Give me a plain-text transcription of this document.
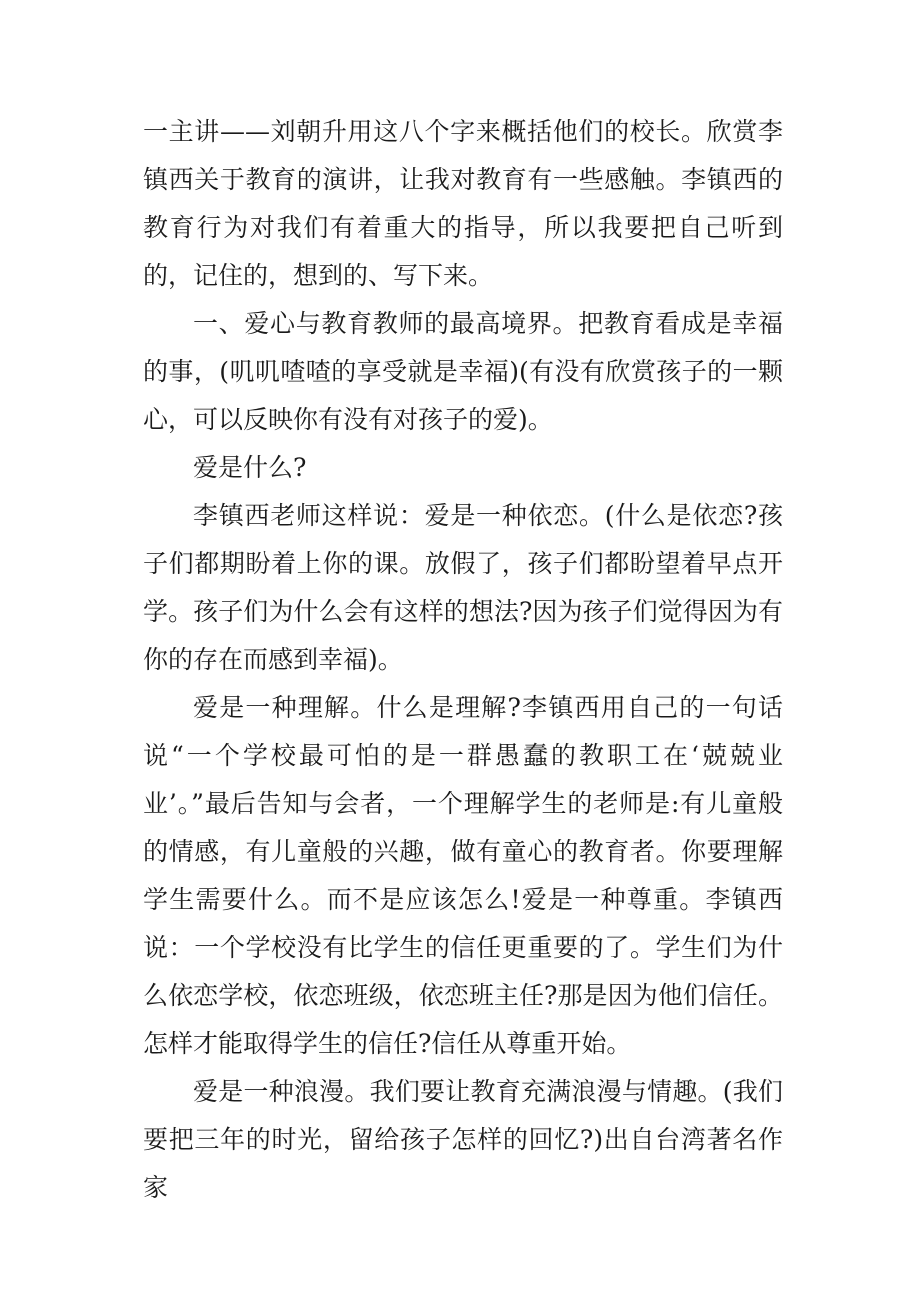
一主讲——刘朝升用这八个字来概括他们的校长。欣赏李镇西关于教育的演讲，让我对教育有一些感触。李镇西的教育行为对我们有着重大的指导，所以我要把自己听到的，记住的，想到的、写下来。

一、爱心与教育教师的最高境界。把教育看成是幸福的事，(叽叽喳喳的享受就是幸福)(有没有欣赏孩子的一颗心，可以反映你有没有对孩子的爱)。

爱是什么?

李镇西老师这样说：爱是一种依恋。(什么是依恋?孩子们都期盼着上你的课。放假了，孩子们都盼望着早点开学。孩子们为什么会有这样的想法?因为孩子们觉得因为有你的存在而感到幸福)。

爱是一种理解。什么是理解?李镇西用自己的一句话说“一个学校最可怕的是一群愚蠢的教职工在‘兢兢业业’。”最后告知与会者，一个理解学生的老师是:有儿童般的情感，有儿童般的兴趣，做有童心的教育者。你要理解学生需要什么。而不是应该怎么!爱是一种尊重。李镇西说：一个学校没有比学生的信任更重要的了。学生们为什么依恋学校，依恋班级，依恋班主任?那是因为他们信任。怎样才能取得学生的信任?信任从尊重开始。

爱是一种浪漫。我们要让教育充满浪漫与情趣。(我们要把三年的时光，留给孩子怎样的回忆?)出自台湾著名作家
